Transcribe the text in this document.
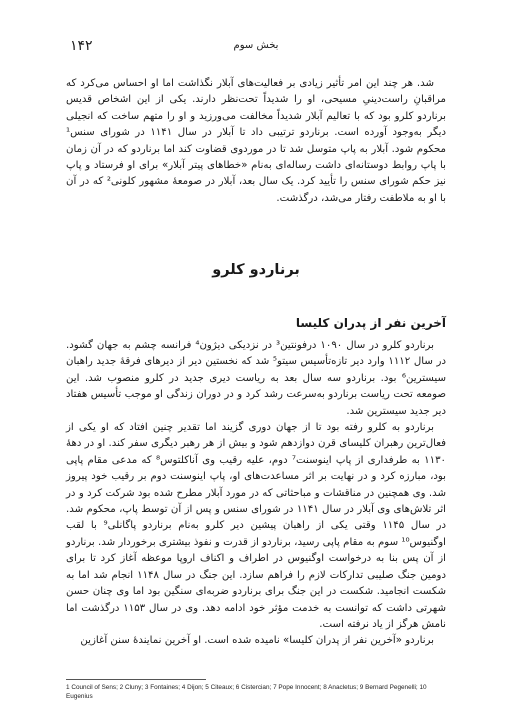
۱۴۲	بخش سوم

شد. هر چند این امر تأثیر زیادی بر فعالیت‌های آبلار نگذاشت اما او احساس می‌کرد که مراقبانِ راست‌دینیِ مسیحی، او را شدیداً تحت‌نظر دارند. یکی از این اشخاص قدیس برناردو کلرو بود که با تعالیم آبلار شدیداً مخالفت می‌ورزید و او را متهم ساخت که انجیلی دیگر به‌وجود آورده است. برناردو ترتیبی داد تا آبلار در سال ۱۱۴۱ در شورای سنس¹ محکوم شود. آبلار به پاپ متوسل شد تا در موردوی قضاوت کند اما برناردو که در آن زمان با پاپ روابط دوستانه‌ای داشت رساله‌ای به‌نام «خطاهای پیتر آبلار» برای او فرستاد و پاپ نیز حکم شورای سنس را تأیید کرد. یک سال بعد، آبلار در صومعهٔ مشهور کلونی² که در آن با او به ملاطفت رفتار می‌شد، درگذشت.

برناردو کلرو
آخرین نفر از پدران کلیسا

برناردو کلرو در سال ۱۰۹۰ درفونتین³ در نزدیکی دیژون⁴ فرانسه چشم به جهان گشود. در سال ۱۱۱۲ وارد دیر تازه‌تأسیس سیتو⁵ شد که نخستین دیر از دیرهای فرقهٔ جدید راهبان سیسترین⁶ بود. برناردو سه سال بعد به ریاست دیری جدید در کلرو منصوب شد. این صومعه تحت ریاست برناردو به‌سرعت رشد کرد و در دوران زندگی او موجب تأسیس هفتاد دیر جدید سیسترین شد.

برناردو به کلرو رفته بود تا از جهان دوری گزیند اما تقدیر چنین افتاد که او یکی از فعال‌ترین رهبران کلیسای قرن دوازدهم شود و بیش از هر رهبر دیگری سفر کند. او در دههٔ ۱۱۳۰ به طرفداری از پاپ اینوسنت⁷ دوم، علیه رقیب وی آناکلتوس⁸ که مدعی مقام پاپی بود، مبارزه کرد و در نهایت بر اثر مساعدت‌های او، پاپ اینوسنت دوم بر رقیب خود پیروز شد. وی همچنین در مناقشات و مباحثاتی که در مورد آبلار مطرح شده بود شرکت کرد و در اثر تلاش‌های وی آبلار در سال ۱۱۴۱ در شورای سنس و پس از آن توسط پاپ، محکوم شد. در سال ۱۱۴۵ وقتی یکی از راهبان پیشین دیر کلرو به‌نام برناردو پاگانلی⁹ با لقب اوگنیوس¹⁰ سوم به مقام پاپی رسید، برناردو از قدرت و نفوذ بیشتری برخوردار شد. برناردو از آن پس بنا به درخواست اوگنیوس در اطراف و اکناف اروپا موعظه آغاز کرد تا برای دومین جنگ صلیبی تدارکات لازم را فراهم سازد. این جنگ در سال ۱۱۴۸ انجام شد اما به شکست انجامید. شکست در این جنگ برای برناردو ضربه‌ای سنگین بود اما وی چنان حسن شهرتی داشت که توانست به خدمت مؤثر خود ادامه دهد. وی در سال ۱۱۵۳ درگذشت اما نامش هرگز از یاد نرفته است.

برناردو «آخرین نفر از پدران کلیسا» نامیده شده است. او آخرین نمایندهٔ سنن آغازین

1 Council of Sens; 2 Cluny; 3 Fontaines; 4 Dijon; 5 Citeaux; 6 Cistercian; 7 Pope Innocent; 8 Anacletus; 9 Bernard Pegenelli; 10 Eugenius
